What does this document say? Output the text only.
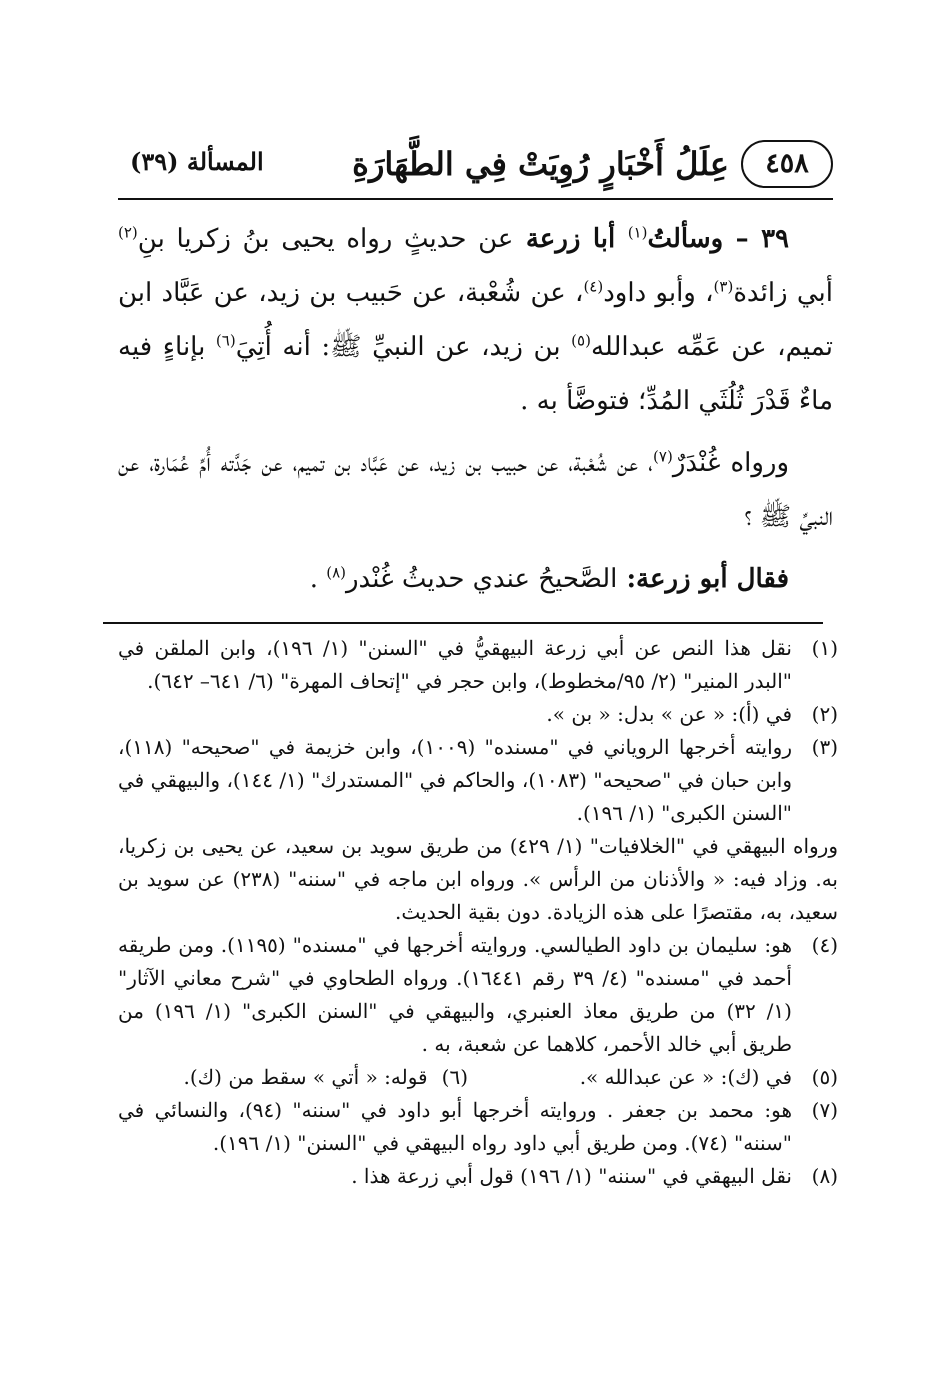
٤٥٨
عِلَلُ أَخْبَارٍ رُوِيَتْ فِي الطَّهَارَةِ
المسألة (٣٩)

٣٩ – وسألتُ$^{(١)}$ أبا زرعة عن حديثٍ رواه يحيى بنُ زكريا بنِ$^{(٢)}$ أبي زائدة$^{(٣)}$، وأبو داود$^{(٤)}$، عن شُعْبة، عن حَبيب بن زيد، عن عَبَّاد ابن تميم، عن عَمِّه عبدالله$^{(٥)}$ بن زيد، عن النبيِّ ﷺ: أنه أُتِيَ$^{(٦)}$ بإناءٍ فيه ماءٌ قَدْرَ ثُلُثَي المُدِّ؛ فتوضَّأ به .

ورواه غُنْدَرٌ$^{(٧)}$، عن شُعْبة، عن حبيب بن زيد، عن عَبَّاد بن تميم، عن جَدَّته أُمِّ عُمَارة، عن النبيِّ ﷺ ؟

فقال أبو زرعة: الصَّحيحُ عندي حديثُ غُنْدر$^{(٨)}$ .

(١)
نقل هذا النص عن أبي زرعة البيهقيُّ في "السنن" (١/ ١٩٦)، وابن الملقن في "البدر المنير" (٢/ ٩٥/مخطوط)، وابن حجر في "إتحاف المهرة" (٦/ ٦٤١– ٦٤٢).
(٢)
في (أ): « عن » بدل: « بن ».
(٣)
روايته أخرجها الروياني في "مسنده" (١٠٠٩)، وابن خزيمة في "صحيحه" (١١٨)، وابن حبان في "صحيحه" (١٠٨٣)، والحاكم في "المستدرك" (١/ ١٤٤)، والبيهقي في "السنن الكبرى" (١/ ١٩٦).
ورواه البيهقي في "الخلافيات" (١/ ٤٢٩) من طريق سويد بن سعيد، عن يحيى بن زكريا، به. وزاد فيه: « والأذنان من الرأس ». ورواه ابن ماجه في "سننه" (٢٣٨) عن سويد بن سعيد، به، مقتصرًا على هذه الزيادة. دون بقية الحديث.
(٤)
هو: سليمان بن داود الطيالسي. وروايته أخرجها في "مسنده" (١١٩٥). ومن طريقه أحمد في "مسنده" (٤/ ٣٩ رقم ١٦٤٤١). ورواه الطحاوي في "شرح معاني الآثار" (١/ ٣٢) من طريق معاذ العنبري، والبيهقي في "السنن الكبرى" (١/ ١٩٦) من طريق أبي خالد الأحمر، كلاهما عن شعبة، به .
(٥)
في (ك): « عن عبدالله ».
(٦)قوله: « أتي » سقط من (ك).
(٧)
هو: محمد بن جعفر . وروايته أخرجها أبو داود في "سننه" (٩٤)، والنسائي في "سننه" (٧٤). ومن طريق أبي داود رواه البيهقي في "السنن" (١/ ١٩٦).
(٨)
نقل البيهقي في "سننه" (١/ ١٩٦) قول أبي زرعة هذا .
